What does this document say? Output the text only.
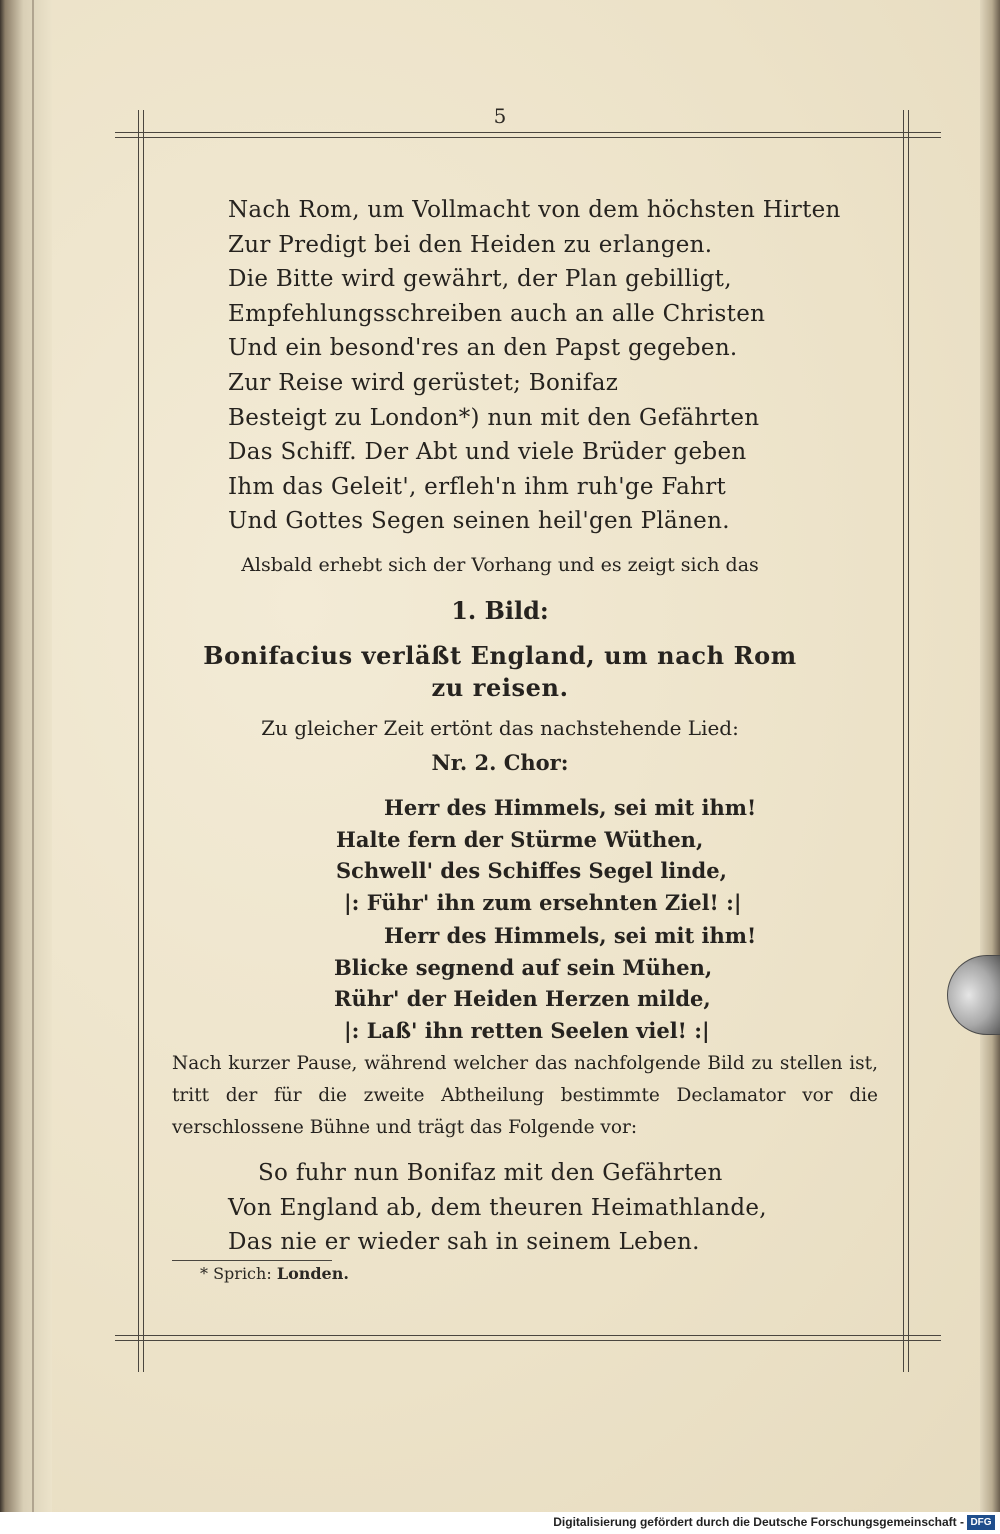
5
Nach Rom, um Vollmacht von dem höchsten Hirten
Zur Predigt bei den Heiden zu erlangen.
Die Bitte wird gewährt, der Plan gebilligt,
Empfehlungsschreiben auch an alle Christen
Und ein besond'res an den Papst gegeben.
Zur Reise wird gerüstet; Bonifaz
Besteigt zu London*) nun mit den Gefährten
Das Schiff. Der Abt und viele Brüder geben
Ihm das Geleit', erfleh'n ihm ruh'ge Fahrt
Und Gottes Segen seinen heil'gen Plänen.
Alsbald erhebt sich der Vorhang und es zeigt sich das
1. Bild:
Bonifacius verläßt England, um nach Rom
zu reisen.
Zu gleicher Zeit ertönt das nachstehende Lied:
Nr. 2. Chor:
Herr des Himmels, sei mit ihm!
Halte fern der Stürme Wüthen,
Schwell' des Schiffes Segel linde,
|: Führ' ihn zum ersehnten Ziel! :|
Herr des Himmels, sei mit ihm!
Blicke segnend auf sein Mühen,
Rühr' der Heiden Herzen milde,
|: Laß' ihn retten Seelen viel! :|
Nach kurzer Pause, während welcher das nachfolgende Bild zu stellen ist, tritt der für die zweite Abtheilung bestimmte Declamator vor die verschlossene Bühne und trägt das Folgende vor:
So fuhr nun Bonifaz mit den Gefährten
Von England ab, dem theuren Heimathlande,
Das nie er wieder sah in seinem Leben.
* Sprich: Londen.
Digitalisierung gefördert durch die Deutsche Forschungsgemeinschaft - DFG
